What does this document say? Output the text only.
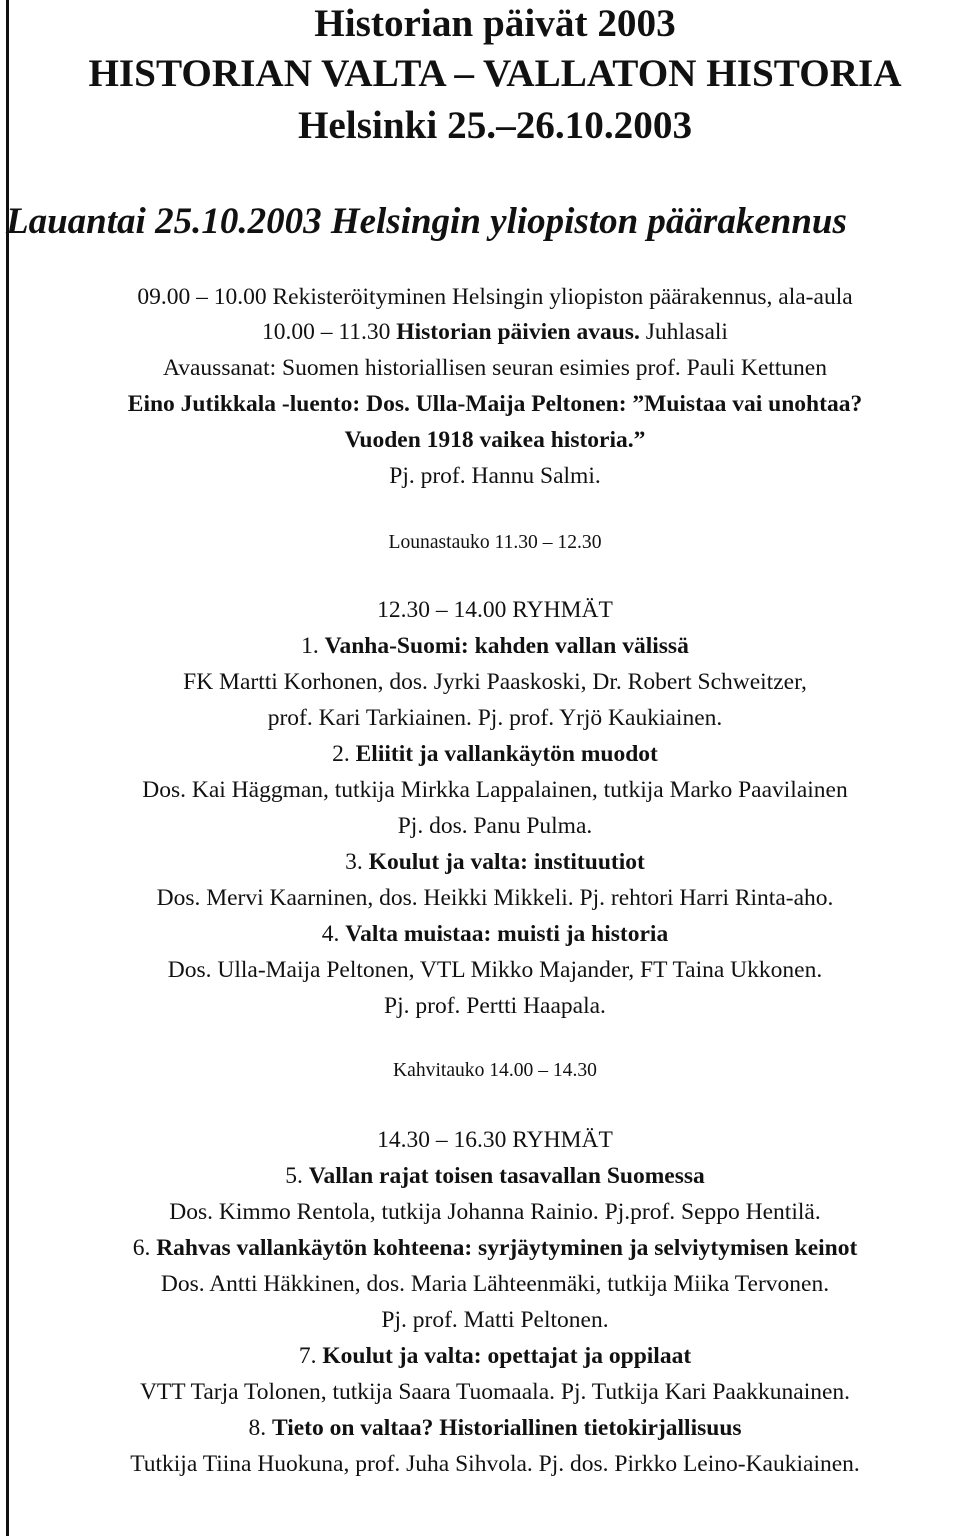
Historian päivät 2003
HISTORIAN VALTA – VALLATON HISTORIA
Helsinki 25.–26.10.2003
Lauantai 25.10.2003 Helsingin yliopiston päärakennus
09.00 – 10.00 Rekisteröityminen Helsingin yliopiston päärakennus, ala-aula
10.00 – 11.30 Historian päivien avaus. Juhlasali
Avaussanat: Suomen historiallisen seuran esimies prof. Pauli Kettunen
Eino Jutikkala -luento: Dos. Ulla-Maija Peltonen: ”Muistaa vai unohtaa?
Vuoden 1918 vaikea historia.”
Pj. prof. Hannu Salmi.
Lounastauko 11.30 – 12.30
12.30 – 14.00 RYHMÄT
1. Vanha-Suomi: kahden vallan välissä
FK Martti Korhonen, dos. Jyrki Paaskoski, Dr. Robert Schweitzer,
prof. Kari Tarkiainen. Pj. prof. Yrjö Kaukiainen.
2. Eliitit ja vallankäytön muodot
Dos. Kai Häggman, tutkija Mirkka Lappalainen, tutkija Marko Paavilainen
Pj. dos. Panu Pulma.
3. Koulut ja valta: instituutiot
Dos. Mervi Kaarninen, dos. Heikki Mikkeli. Pj. rehtori Harri Rinta-aho.
4. Valta muistaa: muisti ja historia
Dos. Ulla-Maija Peltonen, VTL Mikko Majander, FT Taina Ukkonen.
Pj. prof. Pertti Haapala.
Kahvitauko 14.00 – 14.30
14.30 – 16.30 RYHMÄT
5. Vallan rajat toisen tasavallan Suomessa
Dos. Kimmo Rentola, tutkija Johanna Rainio. Pj.prof. Seppo Hentilä.
6. Rahvas vallankäytön kohteena: syrjäytyminen ja selviytymisen keinot
Dos. Antti Häkkinen, dos. Maria Lähteenmäki, tutkija Miika Tervonen.
Pj. prof. Matti Peltonen.
7. Koulut ja valta: opettajat ja oppilaat
VTT Tarja Tolonen, tutkija Saara Tuomaala. Pj. Tutkija Kari Paakkunainen.
8. Tieto on valtaa? Historiallinen tietokirjallisuus
Tutkija Tiina Huokuna, prof. Juha Sihvola. Pj. dos. Pirkko Leino-Kaukiainen.
